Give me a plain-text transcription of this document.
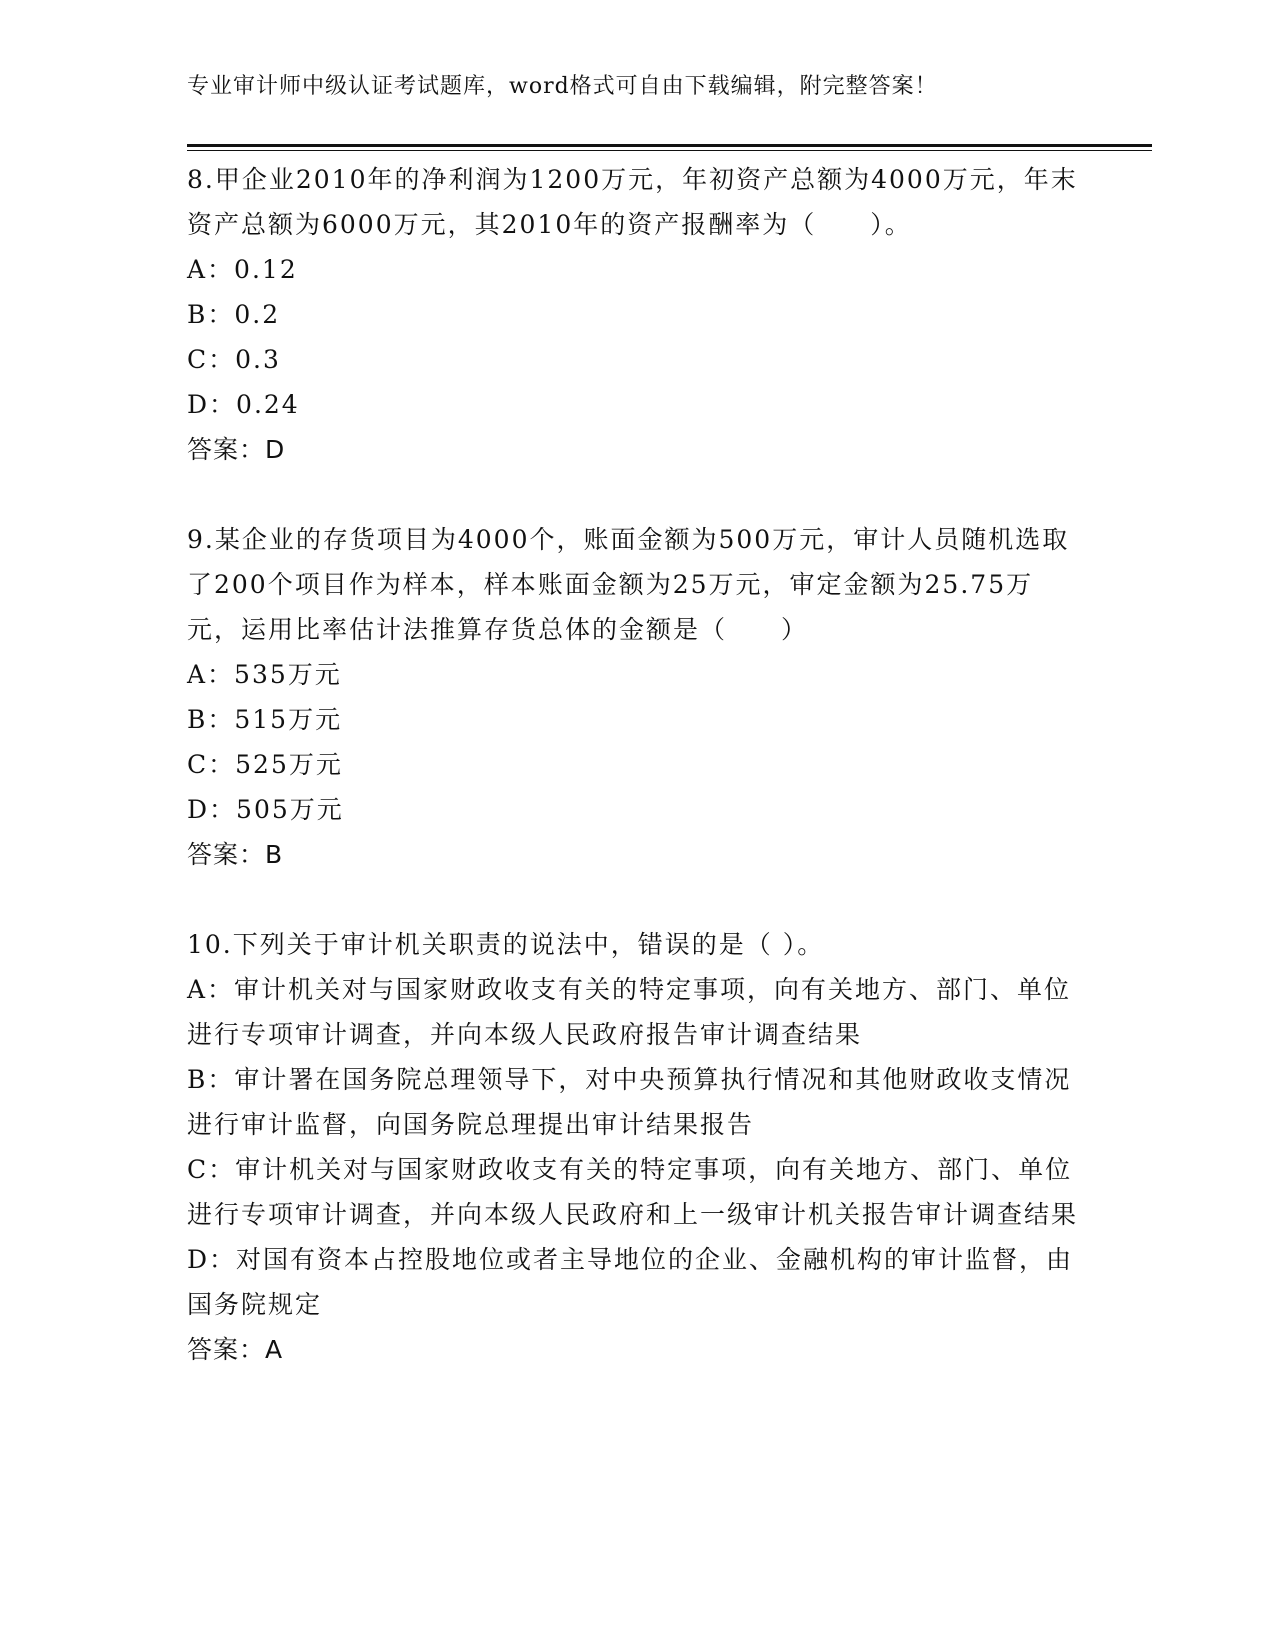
专业审计师中级认证考试题库，word格式可自由下载编辑，附完整答案！
8.甲企业2010年的净利润为1200万元，年初资产总额为4000万元，年末资产总额为6000万元，其2010年的资产报酬率为（　　）。
A：0.12
B：0.2
C：0.3
D：0.24
答案：D
9.某企业的存货项目为4000个，账面金额为500万元，审计人员随机选取了200个项目作为样本，样本账面金额为25万元，审定金额为25.75万元，运用比率估计法推算存货总体的金额是（　　）
A：535万元
B：515万元
C：525万元
D：505万元
答案：B
10.下列关于审计机关职责的说法中，错误的是（ ）。
A：审计机关对与国家财政收支有关的特定事项，向有关地方、部门、单位进行专项审计调查，并向本级人民政府报告审计调查结果
B：审计署在国务院总理领导下，对中央预算执行情况和其他财政收支情况进行审计监督，向国务院总理提出审计结果报告
C：审计机关对与国家财政收支有关的特定事项，向有关地方、部门、单位进行专项审计调查，并向本级人民政府和上一级审计机关报告审计调查结果
D：对国有资本占控股地位或者主导地位的企业、金融机构的审计监督，由国务院规定
答案：A
